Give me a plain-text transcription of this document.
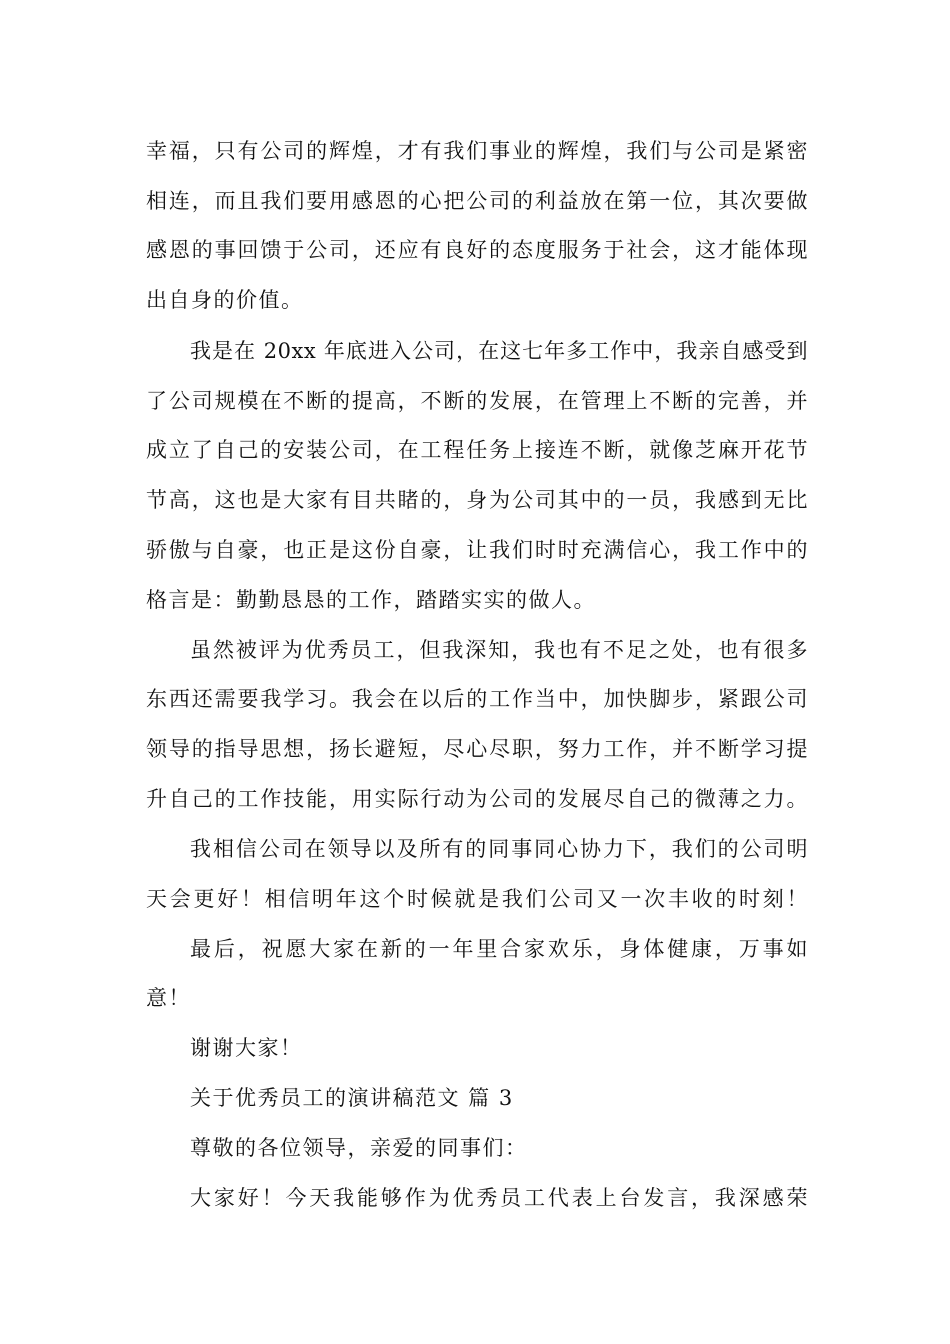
幸福，只有公司的辉煌，才有我们事业的辉煌，我们与公司是紧密
相连，而且我们要用感恩的心把公司的利益放在第一位，其次要做
感恩的事回馈于公司，还应有良好的态度服务于社会，这才能体现
出自身的价值。
我是在 20xx 年底进入公司，在这七年多工作中，我亲自感受到
了公司规模在不断的提高，不断的发展，在管理上不断的完善，并
成立了自己的安装公司，在工程任务上接连不断，就像芝麻开花节
节高，这也是大家有目共睹的，身为公司其中的一员，我感到无比
骄傲与自豪，也正是这份自豪，让我们时时充满信心，我工作中的
格言是：勤勤恳恳的工作，踏踏实实的做人。
虽然被评为优秀员工，但我深知，我也有不足之处，也有很多
东西还需要我学习。我会在以后的工作当中，加快脚步，紧跟公司
领导的指导思想，扬长避短，尽心尽职，努力工作，并不断学习提
升自己的工作技能，用实际行动为公司的发展尽自己的微薄之力。
我相信公司在领导以及所有的同事同心协力下，我们的公司明
天会更好！相信明年这个时候就是我们公司又一次丰收的时刻！
最后，祝愿大家在新的一年里合家欢乐，身体健康，万事如
意！
谢谢大家！
关于优秀员工的演讲稿范文 篇 3
尊敬的各位领导，亲爱的同事们：
大家好！今天我能够作为优秀员工代表上台发言，我深感荣
